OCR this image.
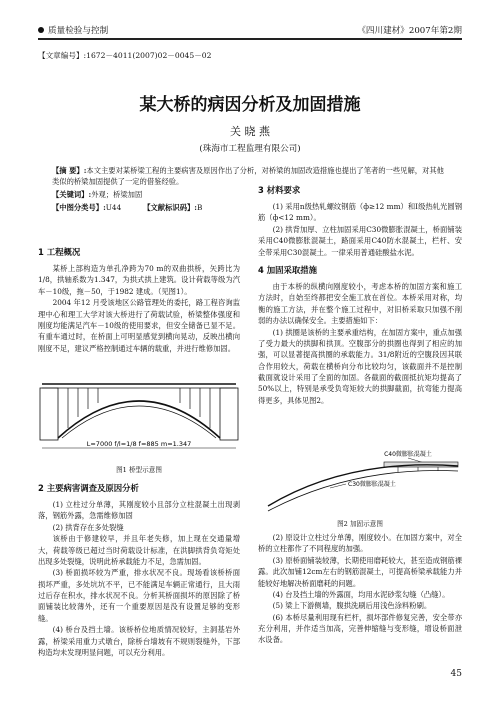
质量检验与控制	《四川建材》2007年第2期
【文章编号】:1672－4011(2007)02－0045－02
某大桥的病因分析及加固措施
关 晓 燕
(珠海市工程监理有限公司)

【摘 要】:本文主要对某桥梁工程的主要病害及原因作出了分析，对桥梁的加固改造措施也提出了笔者的一些见解，对其他类似的桥梁加固提供了一定的借鉴经验。

【关键词】:外观；桥梁加固

【中图分类号】:U44	【文献标识码】:B

1 工程概况

某桥上部构造为单孔净跨为70 m的双曲拱桥，矢跨比为1/8，拱轴系数为1.347，为拱式拱上建筑。设计荷载等级为汽车－10级，拖－50，于1982 建成。（见图1）。

2004 年12 月受该地区公路管理处的委托，路工程咨询监理中心和理工大学对该大桥进行了荷载试验，桥梁整体强度和刚度均能满足汽车－10级的使用要求，但安全储备已显不足。有重车通过时，在桥面上可明显感觉到横向晃动，反映出横向刚度不足，建议严格控制通过车辆的载重，并进行维修加固。

L=7000 f/l=1/8 f=885 m=1.347
图1 桥型示意图

2 主要病害调查及原因分析

(1) 立柱过分单薄，其刚度较小且部分立柱混凝土出现剥落，钢筋外露，急需维修加固

(2) 拱背存在多处裂缝

该桥由于修建较早，并且年老失修，加上现在交通量增大，荷载等级已超过当时荷载设计标准，在洪脚拱背负弯矩处出现多处裂缝，说明此桥承载能力不足，急需加固。

(3) 桥面损坏较为严重，排水状况不良。现场看该桥桥面损坏严重，多处坑坑不平，已不能满足车辆正常通行，且大雨过后存在积水，排水状况不良。分析其桥面损坏的原因除了桥面铺装比较薄外，还有一个重要原因是没有设置足够的变形缝。

(4) 桥台及挡土墙。该桥桥位地质情况较好，主洞基岩外露，桥梁采用重力式墩台，除桥台墙坡有不规则裂缝外，下部构造均未发现明显问题，可以充分利用。

3 材料要求

(1) 采用n级热轧螺纹钢筋（ф≥12 mm）和I级热轧光圆钢筋（ф<12 mm）。

(2) 拱背加厚、立柱加固采用C30微膨胀混凝土，桥面铺装采用C40微膨胀混凝土，路面采用C40防水混凝土，栏杆、安全带采用C30混凝土。一律采用普通硅酸盐水泥。

4 加固采取措施

由于本桥的纵横向刚度较小，考虑本桥的加固方案和施工方法时，自始至终都把安全施工放在首位。本桥采用对称，均衡的施工方法，并在整个施工过程中，对旧桥采取只加强不削弱的办法以确保安全。主要措施如下：

(1) 拱圈是该桥的主要承重结构，在加固方案中，重点加强了受力最大的拱脚和拱顶。空腹部分的拱圈也得到了相应的加强，可以显著提高拱圈的承载能力。31/8附近的空腹段因其联合作用较大，荷载在横桥向分布比较均匀，该截面并不是控制截面就设计采用了全面的加固。各截面的截面抵抗矩均提高了50%以上，特别是承受负弯矩较大的拱脚截面，抗弯能力提高得更多，具体见图2。

C40微膨胀混凝土
C30微膨胀混凝土
图2 加固示意图

(2) 原设计立柱过分单薄，刚度较小。在加固方案中，对全桥的立柱都作了不同程度的加强。

(3) 原桥面铺装较薄，长期使用磨耗较大，甚至造成钢筋裸露。此次加铺12cm左右的钢筋混凝土，可提高桥梁承载能力并能较好地解决桥面磨耗的问题。

(4) 台及挡土墙的外露面，均用水泥砂浆勾缝（凸缝）。

(5) 梁上下游侧墙，腹拱洗刷后用浅色涂料粉刷。

(6) 本桥尽量利用现有栏杆，损坏部件修复完善，安全带亦充分利用，并作适当加高，完善伸缩缝与变形缝，增设桥面泄水设备。

45
